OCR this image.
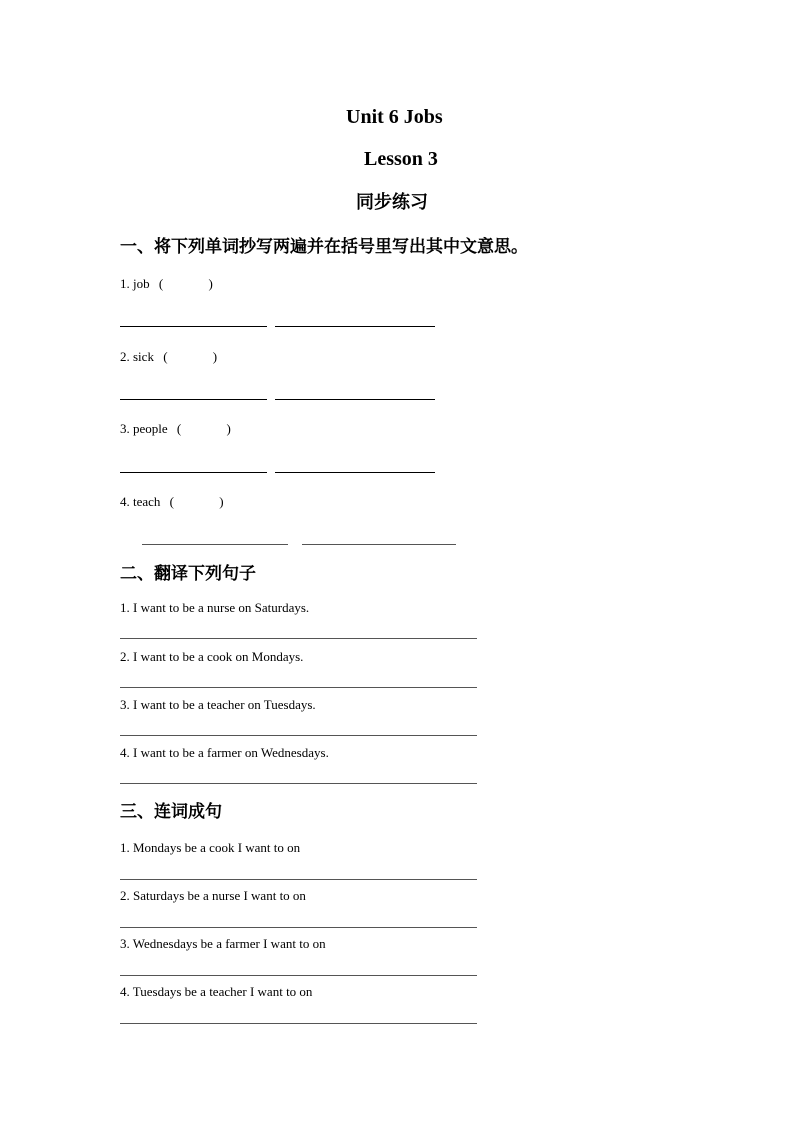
Unit 6 Jobs
Lesson 3
同步练习
一、将下列单词抄写两遍并在括号里写出其中文意思。
1. job (	)
2. sick (	)
3. people (	)
4. teach (	)
二、翻译下列句子
1. I want to be a nurse on Saturdays.
2. I want to be a cook on Mondays.
3. I want to be a teacher on Tuesdays.
4. I want to be a farmer on Wednesdays.
三、连词成句
1. Mondays be a cook I want to on
2. Saturdays be a nurse I want to on
3. Wednesdays be a farmer I want to on
4. Tuesdays be a teacher I want to on
